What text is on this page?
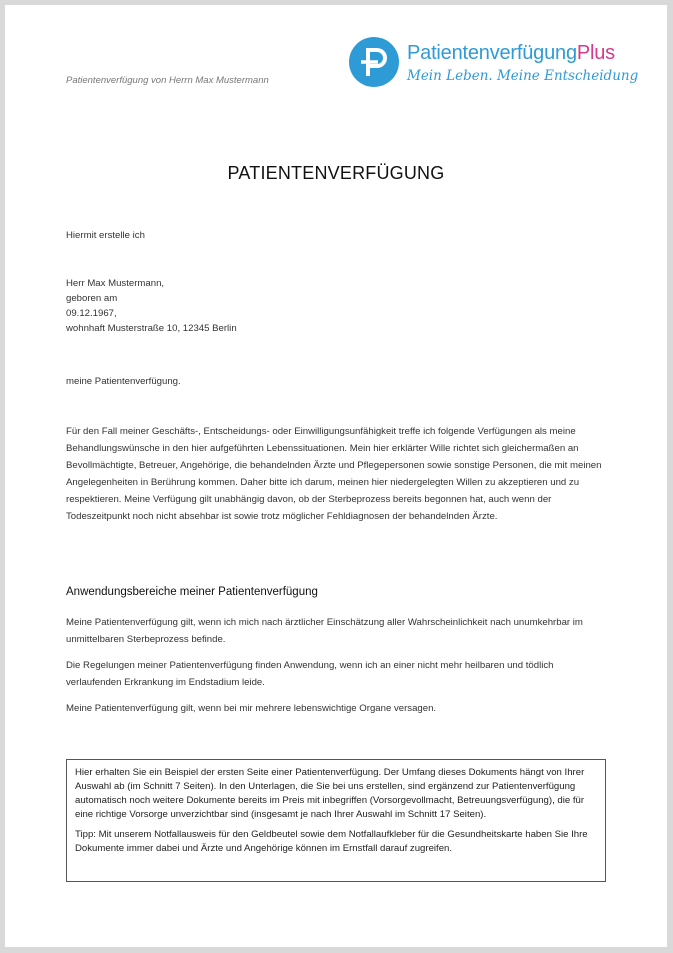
Patientenverfügung von Herrn Max Mustermann
PatientenverfügungPlus
Mein Leben. Meine Entscheidung
PATIENTENVERFÜGUNG
Hiermit erstelle ich
Herr Max Mustermann,
geboren am
09.12.1967,
wohnhaft Musterstraße 10, 12345 Berlin
meine Patientenverfügung.
Für den Fall meiner Geschäfts-, Entscheidungs- oder Einwilligungsunfähigkeit treffe ich folgende Verfügungen als meine Behandlungswünsche in den hier aufgeführten Lebenssituationen. Mein hier erklärter Wille richtet sich gleichermaßen an Bevollmächtigte, Betreuer, Angehörige, die behandelnden Ärzte und Pflegepersonen sowie sonstige Personen, die mit meinen Angelegenheiten in Berührung kommen. Daher bitte ich darum, meinen hier niedergelegten Willen zu akzeptieren und zu respektieren. Meine Verfügung gilt unabhängig davon, ob der Sterbeprozess bereits begonnen hat, auch wenn der Todeszeitpunkt noch nicht absehbar ist sowie trotz möglicher Fehldiagnosen der behandelnden Ärzte.
Anwendungsbereiche meiner Patientenverfügung
Meine Patientenverfügung gilt, wenn ich mich nach ärztlicher Einschätzung aller Wahrscheinlichkeit nach unumkehrbar im unmittelbaren Sterbeprozess befinde.
Die Regelungen meiner Patientenverfügung finden Anwendung, wenn ich an einer nicht mehr heilbaren und tödlich verlaufenden Erkrankung im Endstadium leide.
Meine Patientenverfügung gilt, wenn bei mir mehrere lebenswichtige Organe versagen.

Hier erhalten Sie ein Beispiel der ersten Seite einer Patientenverfügung. Der Umfang dieses Dokuments hängt von Ihrer Auswahl ab (im Schnitt 7 Seiten). In den Unterlagen, die Sie bei uns erstellen, sind ergänzend zur Patientenverfügung automatisch noch weitere Dokumente bereits im Preis mit inbegriffen (Vorsorgevollmacht, Betreuungsverfügung), die für eine richtige Vorsorge unverzichtbar sind (insgesamt je nach Ihrer Auswahl im Schnitt 17 Seiten).

Tipp: Mit unserem Notfallausweis für den Geldbeutel sowie dem Notfallaufkleber für die Gesundheitskarte haben Sie Ihre Dokumente immer dabei und Ärzte und Angehörige können im Ernstfall darauf zugreifen.
